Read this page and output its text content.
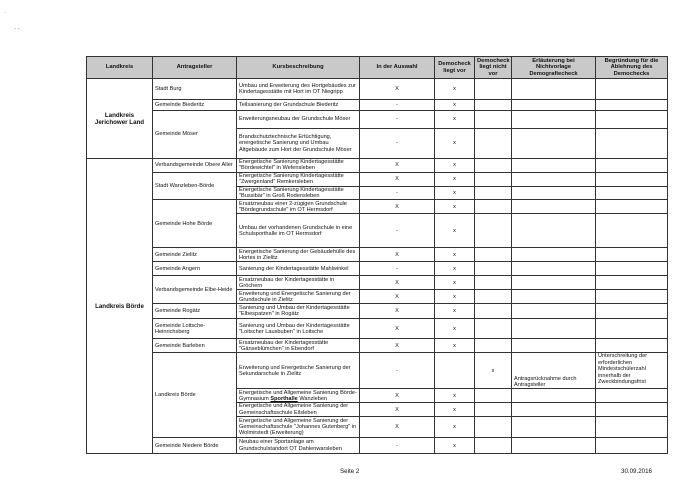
·
- -
Landkreis	Antragsteller	Kursbeschreibung	In der Auswahl	Democheck liegt vor	Democheck liegt nicht vor	Erläuterung bei Nichtvorlage Demografiecheck	Begründung für die Ablehnung des Demochecks
Landkreis Jerichower Land	Stadt Burg	Umbau und Erweiterung des Hortgebäudes zur Kindertagesstätte mit Hort im OT Niegripp	X	x			
	Gemeinde Biederitz	Teilsanierung der Grundschule Biederitz	-	x			
	Gemeinde Möser	Erweiterungsneubau der Grundschule Möser	-	x			
		Brandschutztechnische Ertüchtigung, energetische Sanierung und Umbau Altgebäude zum Hort der Grundschule Möser	-	x			
Landkreis Börde	Verbandsgemeinde Obere Aller	Energetische Sanierung Kindertagesstätte "Bördewichtel" in Wefensleben	X	x			
	Stadt Wanzleben-Börde	Energetische Sanierung Kindertagesstätte "Zwergenland" Remkersleben	X	x			
		Energetische Sanierung Kindertagesstätte "Bussibär" in Groß Rodensleben	-	x			
	Gemeinde Hohe Börde	Ersatzneubau einer 2-zügigen Grundschule "Bördegrundschule" im OT Hermsdorf	X	x			
		Umbau der vorhandenen Grundschule in eine Schulsporthalle im OT Hermsdorf	-	x			
	Gemeinde Zielitz	Energetische Sanierung der Gebäudehülle des Hortes in Zielitz	X	x			
	Gemeinde Angern	Sanierung der Kindertagesstätte Mahlwinkel	-	x			
	Verbandsgemeinde Elbe-Heide	Ersatzneubau der Kindertagesstätte in Gröchern	X	x			
		Erweiterung und Energetische Sanierung der Grundschule in Zielitz	X	x			
	Gemeinde Rogätz	Sanierung und Umbau der Kindertagesstätte "Elbespatzen" in Rogätz	X	x			
	Gemeinde Loitsche-Heinrichsberg	Sanierung und Umbau der Kindertagesstätte "Loitscher Lausbuben" in Loitsche	X	x			
	Gemeinde Barleben	Ersatzneubau der Kindertagesstätte "Gänseblümchen" in Ebendorf	X	x			
	Landkreis Börde	Erweiterung und Energetische Sanierung der Sekundarschule in Zielitz	-		x	Antragsrücknahme durch Antragsteller	Unterschreitung der erforderlichen Mindestschülerzahl innerhalb der Zweckbindungsfrist
		Energetische und Allgemeine Sanierung Börde-Gymnasium Sporthalle Wanzleben	X	x			
		Energetische und Allgemeine Sanierung der Gemeinschaftsschule Eilsleben	X	x			
		Energetische und Allgemeine Sanierung der Gemeinschaftsschule "Johannes Gutenberg" in Wolmirstedt (Erweiterung)	X	x			
	Gemeinde Niedere Börde	Neubau einer Sportanlage am Grundschulstandort OT Dahlenwarsleben	-	x			
Seite 2	30.09.2016
